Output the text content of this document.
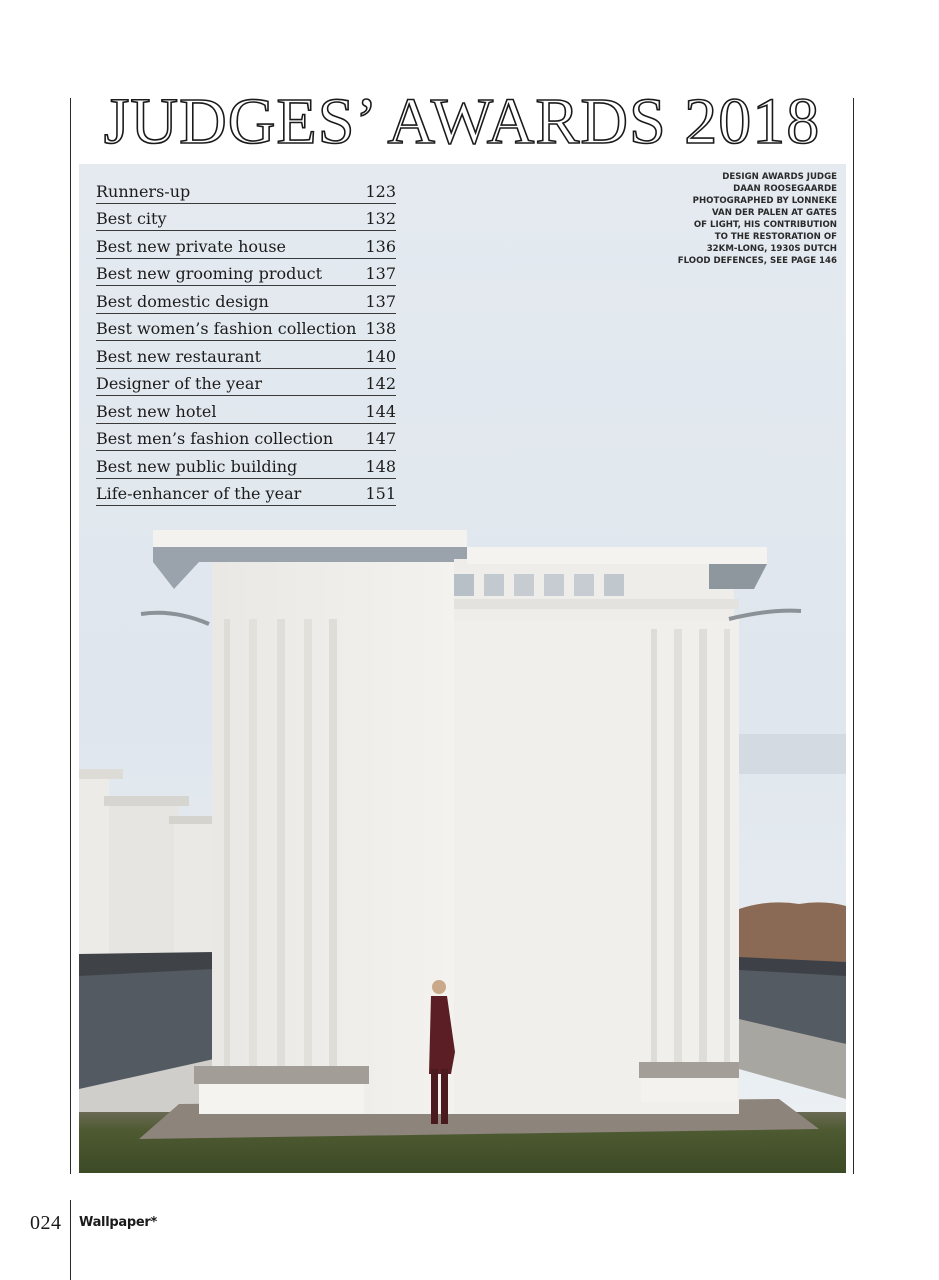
JUDGES’ AWARDS 2018
Runners-up	123
Best city	132
Best new private house	136
Best new grooming product	137
Best domestic design	137
Best women’s fashion collection 138
Best new restaurant	140
Designer of the year	142
Best new hotel	144
Best men’s fashion collection 147
Best new public building	148
Life-enhancer of the year	151
DESIGN AWARDS JUDGE
DAAN ROOSEGAARDE
PHOTOGRAPHED BY LONNEKE
VAN DER PALEN AT GATES
OF LIGHT, HIS CONTRIBUTION
TO THE RESTORATION OF
32KM-LONG, 1930S DUTCH
FLOOD DEFENCES, SEE PAGE 146
024 Wallpaper*
